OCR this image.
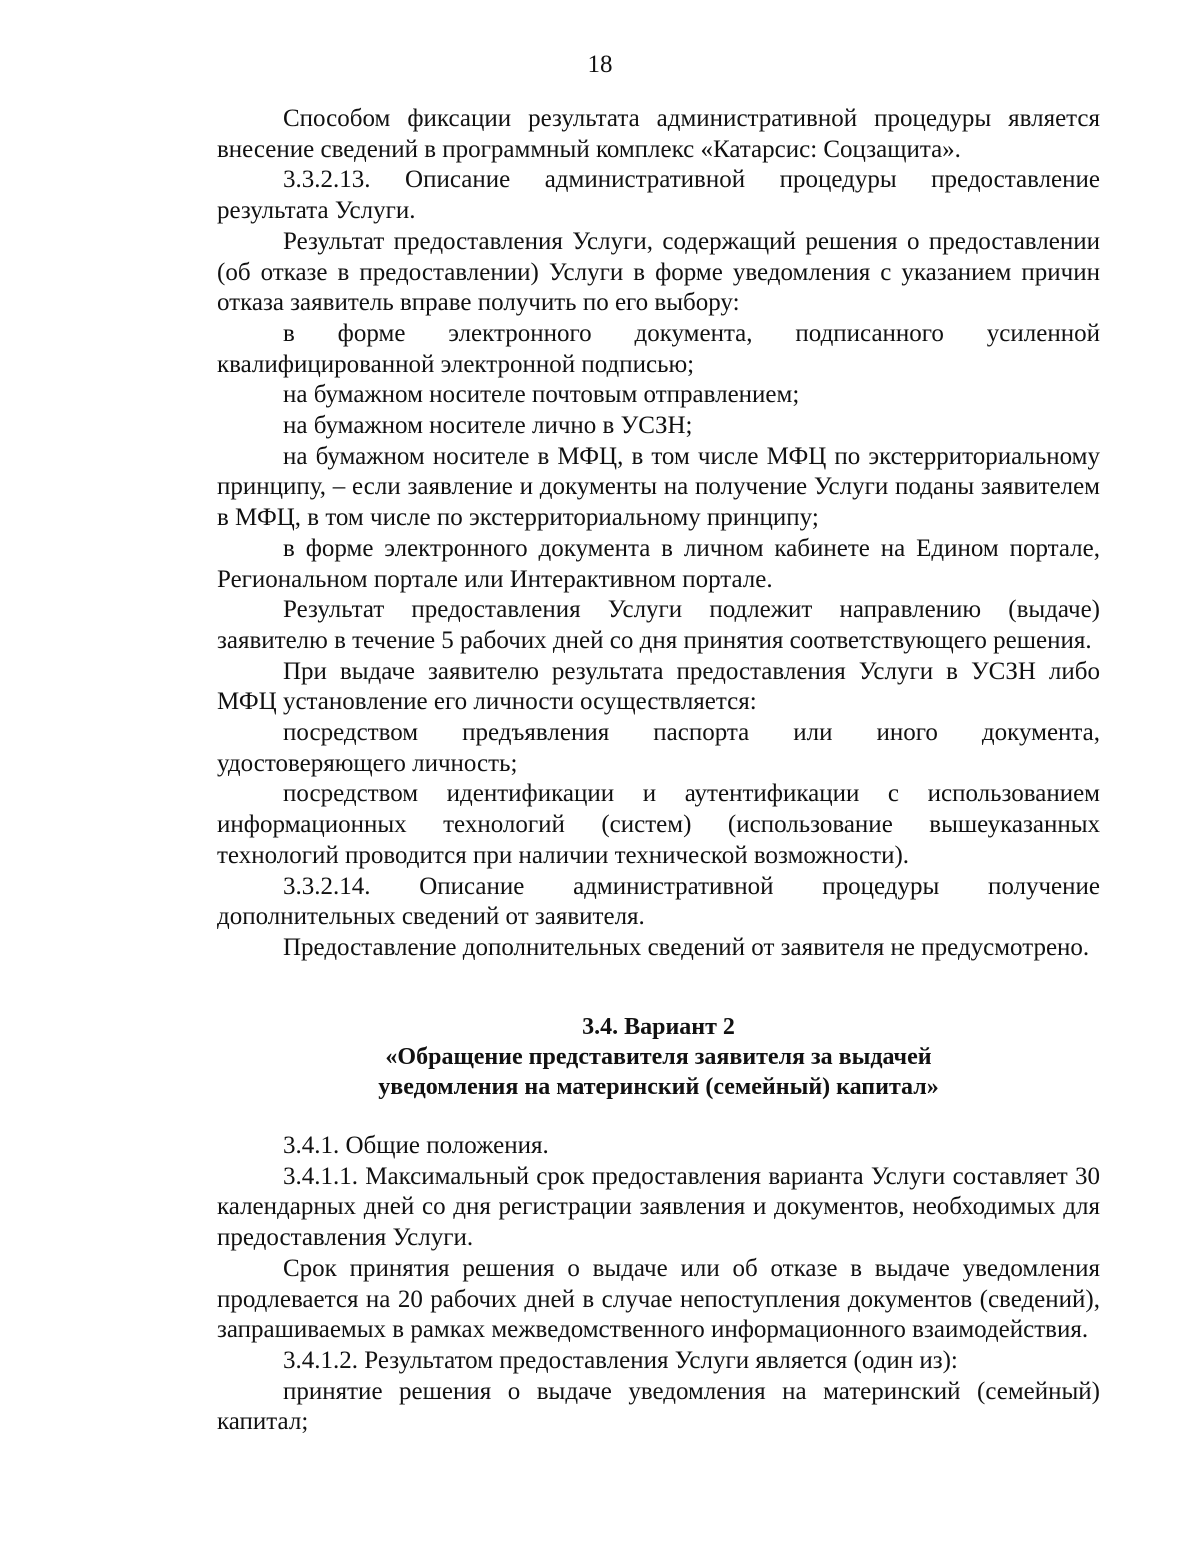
18

Способом фиксации результата административной процедуры является внесение сведений в программный комплекс «Катарсис: Соцзащита».

3.3.2.13. Описание административной процедуры предоставление результата Услуги.

Результат предоставления Услуги, содержащий решения о предоставлении (об отказе в предоставлении) Услуги в форме уведомления с указанием причин отказа заявитель вправе получить по его выбору:

в форме электронного документа, подписанного усиленной квалифицированной электронной подписью;

на бумажном носителе почтовым отправлением;

на бумажном носителе лично в УСЗН;

на бумажном носителе в МФЦ, в том числе МФЦ по экстерриториальному принципу, – если заявление и документы на получение Услуги поданы заявителем в МФЦ, в том числе по экстерриториальному принципу;

в форме электронного документа в личном кабинете на Едином портале, Региональном портале или Интерактивном портале.

Результат предоставления Услуги подлежит направлению (выдаче) заявителю в течение 5 рабочих дней со дня принятия соответствующего решения.

При выдаче заявителю результата предоставления Услуги в УСЗН либо МФЦ установление его личности осуществляется:

посредством предъявления паспорта или иного документа, удостоверяющего личность;

посредством идентификации и аутентификации с использованием информационных технологий (систем) (использование вышеуказанных технологий проводится при наличии технической возможности).

3.3.2.14. Описание административной процедуры получение дополнительных сведений от заявителя.

Предоставление дополнительных сведений от заявителя не предусмотрено.

3.4. Вариант 2
«Обращение представителя заявителя за выдачей
уведомления на материнский (семейный) капитал»

3.4.1. Общие положения.

3.4.1.1. Максимальный срок предоставления варианта Услуги составляет 30 календарных дней со дня регистрации заявления и документов, необходимых для предоставления Услуги.

Срок принятия решения о выдаче или об отказе в выдаче уведомления продлевается на 20 рабочих дней в случае непоступления документов (сведений), запрашиваемых в рамках межведомственного информационного взаимодействия.

3.4.1.2. Результатом предоставления Услуги является (один из):

принятие решения о выдаче уведомления на материнский (семейный) капитал;
